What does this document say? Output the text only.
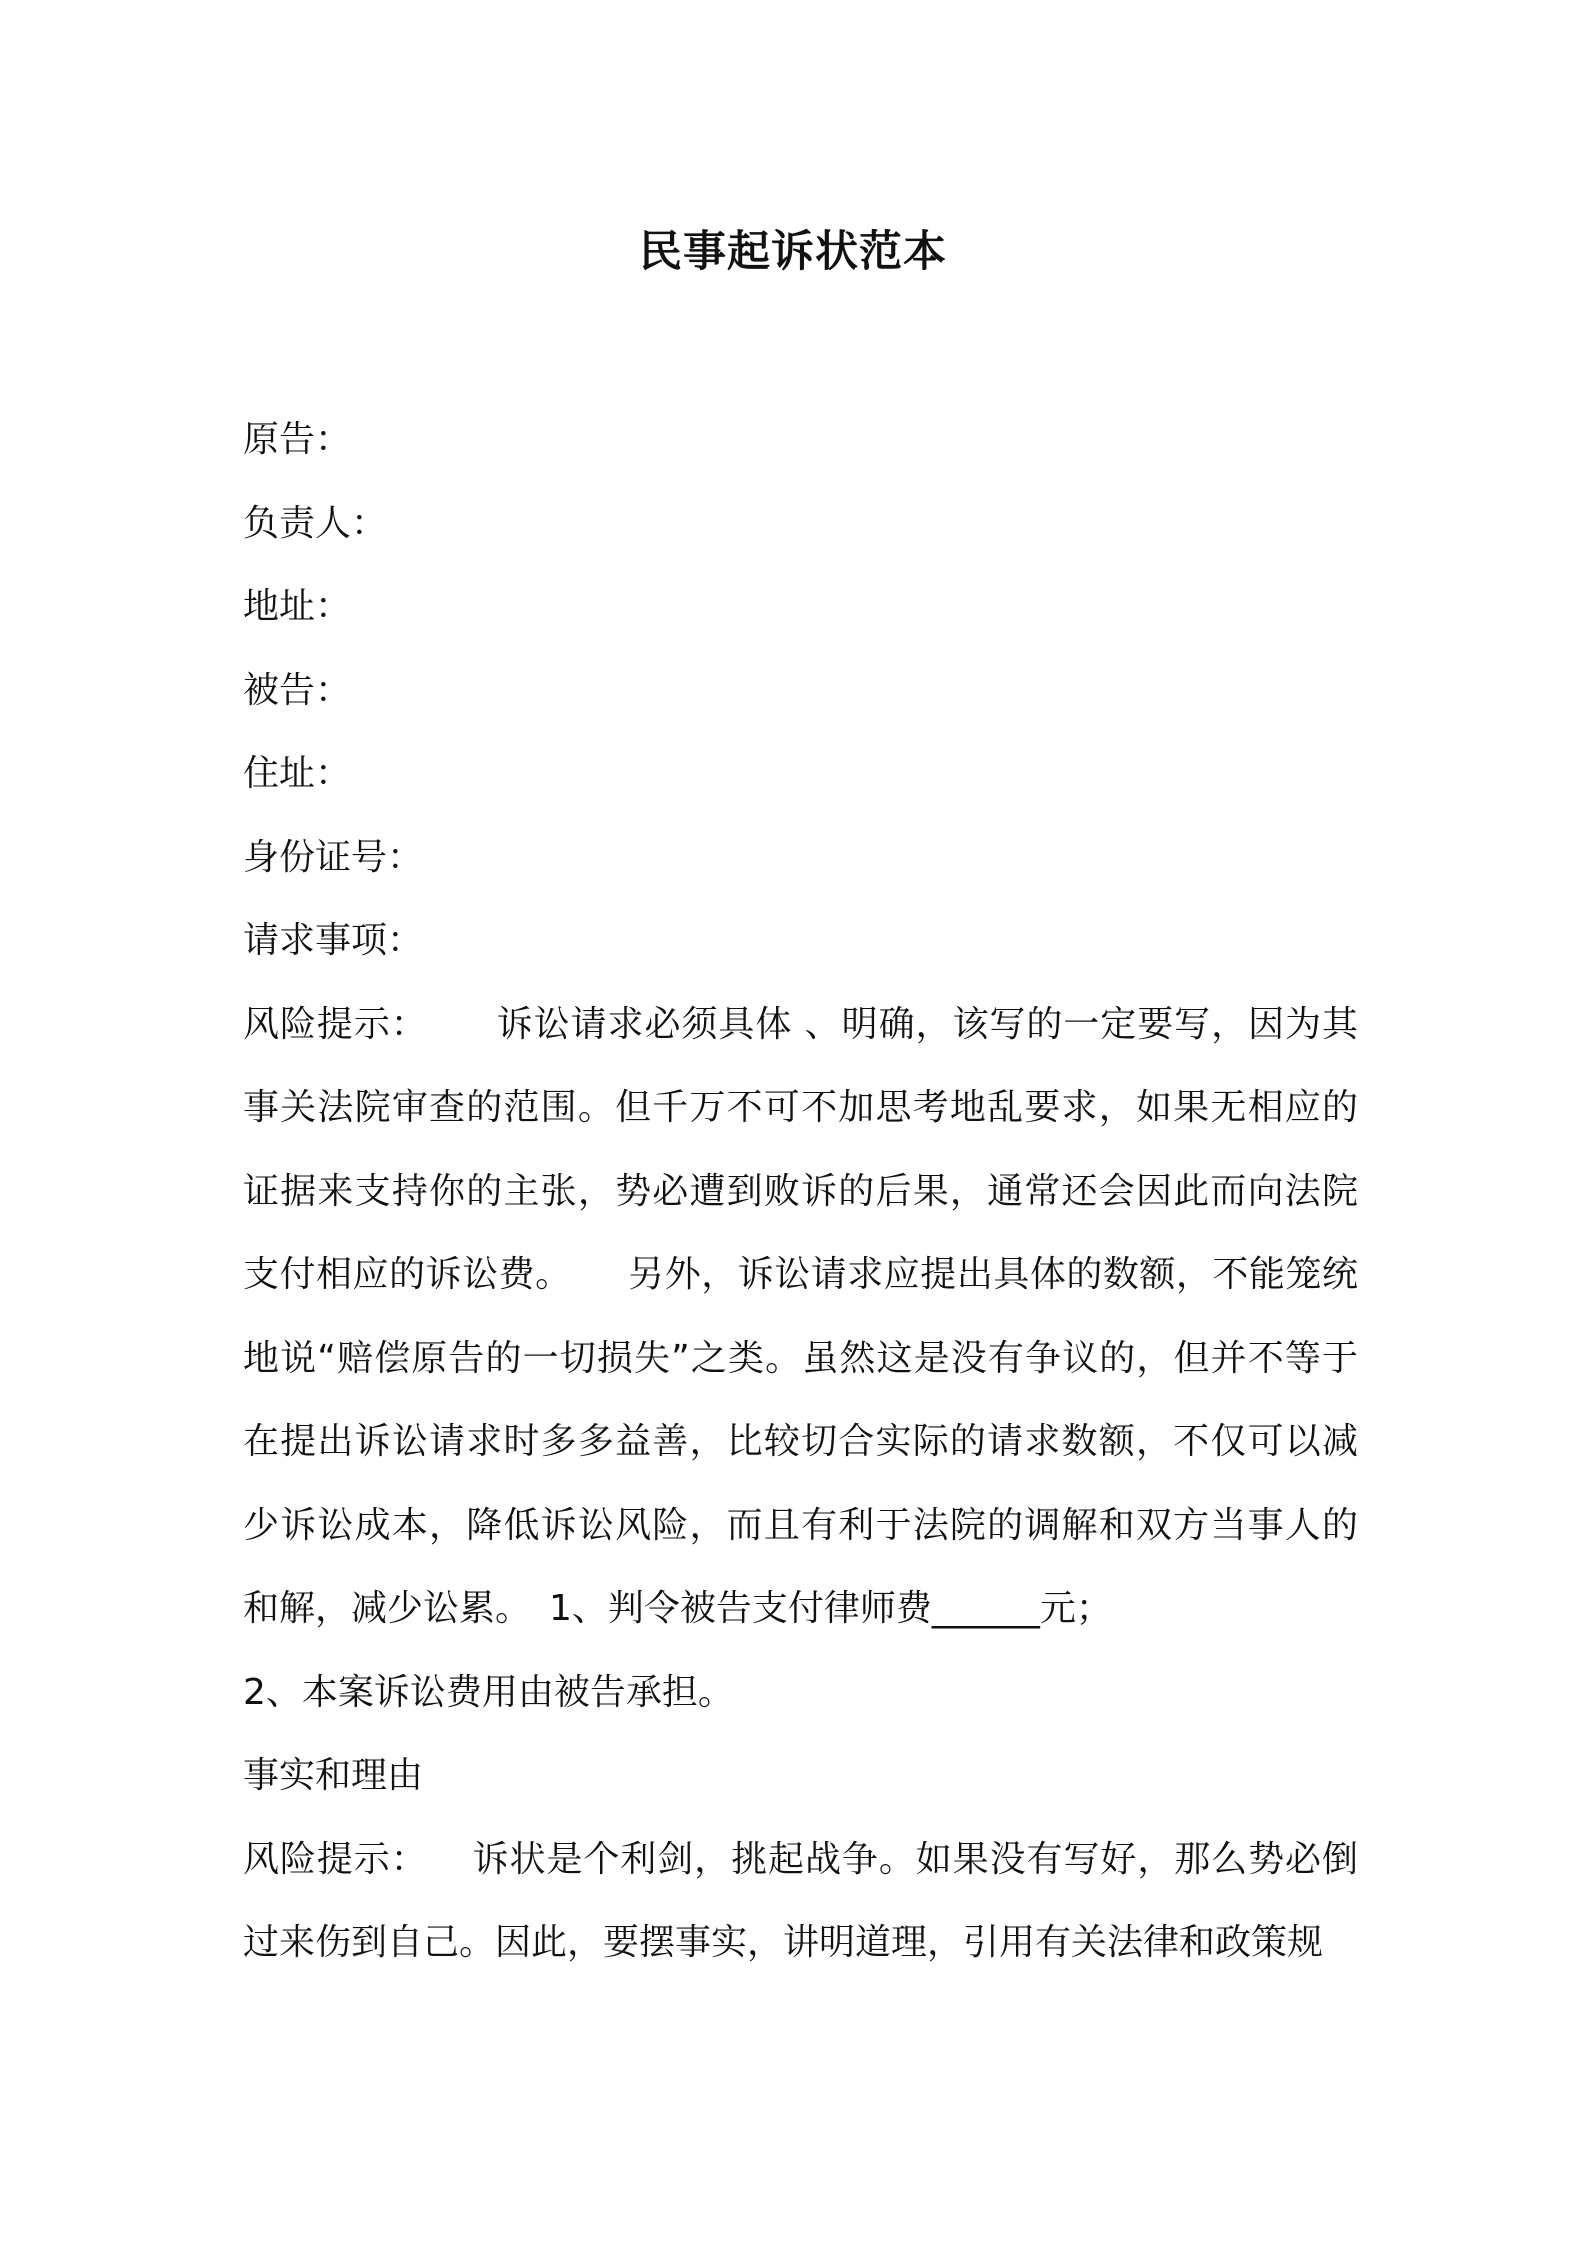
民事起诉状范本

原告：

负责人：

地址：

被告：

住址：

身份证号：

请求事项：

风险提示： 诉讼请求必须具体 、明确，该写的一定要写，因为其事关法院审查的范围。但千万不可不加思考地乱要求，如果无相应的证据来支持你的主张，势必遭到败诉的后果，通常还会因此而向法院支付相应的诉讼费。 另外，诉讼请求应提出具体的数额，不能笼统地说“赔偿原告的一切损失”之类。虽然这是没有争议的，但并不等于在提出诉讼请求时多多益善，比较切合实际的请求数额，不仅可以减少诉讼成本，降低诉讼风险，而且有利于法院的调解和双方当事人的和解，减少讼累。 1、判令被告支付律师费______元；

2、本案诉讼费用由被告承担。

事实和理由

风险提示： 诉状是个利剑，挑起战争。如果没有写好，那么势必倒过来伤到自己。因此，要摆事实，讲明道理，引用有关法律和政策规
